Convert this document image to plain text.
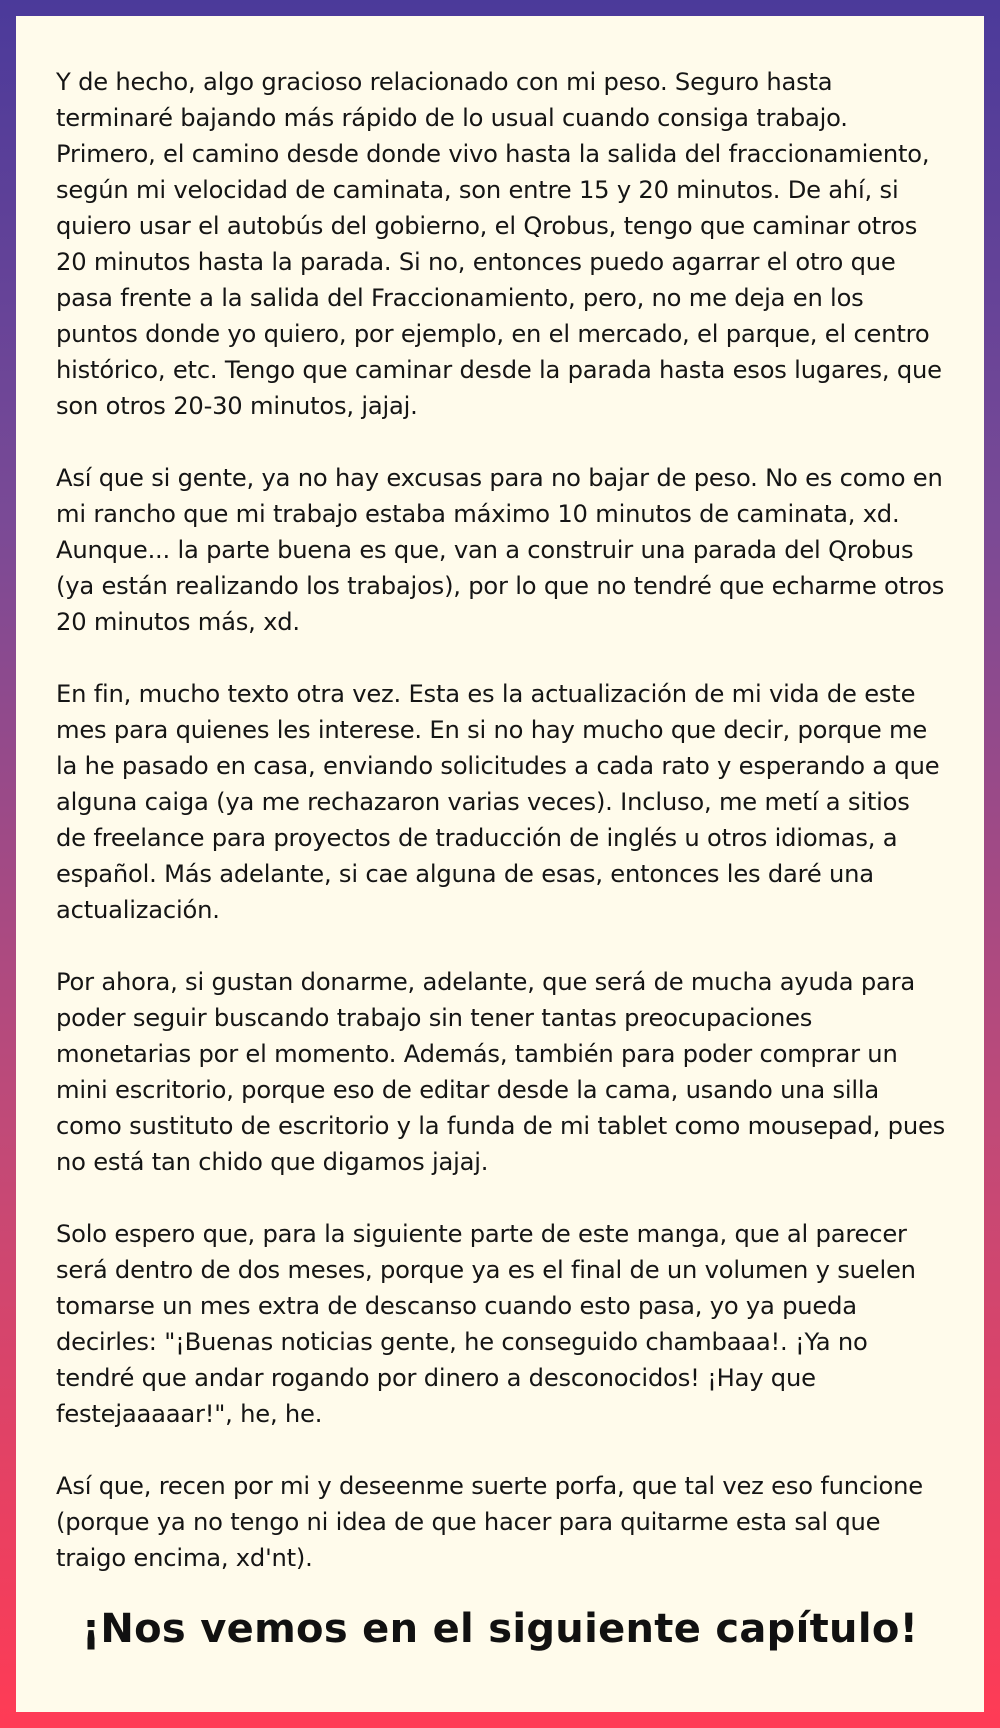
Y de hecho, algo gracioso relacionado con mi peso. Seguro hasta terminaré bajando más rápido de lo usual cuando consiga trabajo. Primero, el camino desde donde vivo hasta la salida del fraccionamiento, según mi velocidad de caminata, son entre 15 y 20 minutos. De ahí, si quiero usar el autobús del gobierno, el Qrobus, tengo que caminar otros 20 minutos hasta la parada. Si no, entonces puedo agarrar el otro que pasa frente a la salida del Fraccionamiento, pero, no me deja en los puntos donde yo quiero, por ejemplo, en el mercado, el parque, el centro histórico, etc. Tengo que caminar desde la parada hasta esos lugares, que son otros 20-30 minutos, jajaj.

Así que si gente, ya no hay excusas para no bajar de peso. No es como en mi rancho que mi trabajo estaba máximo 10 minutos de caminata, xd. Aunque... la parte buena es que, van a construir una parada del Qrobus (ya están realizando los trabajos), por lo que no tendré que echarme otros 20 minutos más, xd.

En fin, mucho texto otra vez. Esta es la actualización de mi vida de este mes para quienes les interese. En si no hay mucho que decir, porque me la he pasado en casa, enviando solicitudes a cada rato y esperando a que alguna caiga (ya me rechazaron varias veces). Incluso, me metí a sitios de freelance para proyectos de traducción de inglés u otros idiomas, a español. Más adelante, si cae alguna de esas, entonces les daré una actualización.

Por ahora, si gustan donarme, adelante, que será de mucha ayuda para poder seguir buscando trabajo sin tener tantas preocupaciones monetarias por el momento. Además, también para poder comprar un mini escritorio, porque eso de editar desde la cama, usando una silla como sustituto de escritorio y la funda de mi tablet como mousepad, pues no está tan chido que digamos jajaj.

Solo espero que, para la siguiente parte de este manga, que al parecer será dentro de dos meses, porque ya es el final de un volumen y suelen tomarse un mes extra de descanso cuando esto pasa, yo ya pueda decirles: "¡Buenas noticias gente, he conseguido chambaaa!. ¡Ya no tendré que andar rogando por dinero a desconocidos! ¡Hay que festejaaaaar!", he, he.

Así que, recen por mi y deseenme suerte porfa, que tal vez eso funcione (porque ya no tengo ni idea de que hacer para quitarme esta sal que traigo encima, xd'nt).

¡Nos vemos en el siguiente capítulo!
